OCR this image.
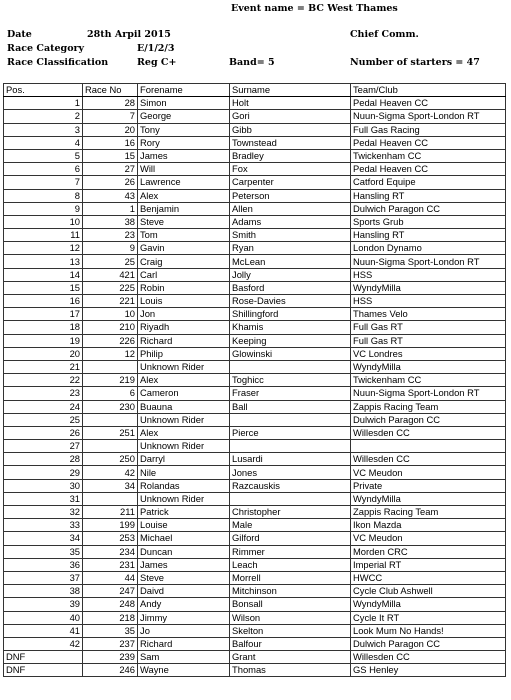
Event name = BC West Thames
Date	28th Arpil 2015	Chief Comm.
Race Category	E/1/2/3
Race Classification	Reg C+	Band= 5	Number of starters = 47
Pos.	Race No	Forename	Surname	Team/Club
1	28	Simon	Holt	Pedal Heaven CC
2	7	George	Gori	Nuun-Sigma Sport-London RT
3	20	Tony	Gibb	Full Gas Racing
4	16	Rory	Townstead	Pedal Heaven CC
5	15	James	Bradley	Twickenham CC
6	27	Will	Fox	Pedal Heaven CC
7	26	Lawrence	Carpenter	Catford Equipe
8	43	Alex	Peterson	Hansling RT
9	1	Benjamin	Allen	Dulwich Paragon CC
10	38	Steve	Adams	Sports Grub
11	23	Tom	Smith	Hansling RT
12	9	Gavin	Ryan	London Dynamo
13	25	Craig	McLean	Nuun-Sigma Sport-London RT
14	421	Carl	Jolly	HSS
15	225	Robin	Basford	WyndyMilla
16	221	Louis	Rose-Davies	HSS
17	10	Jon	Shillingford	Thames Velo
18	210	Riyadh	Khamis	Full Gas RT
19	226	Richard	Keeping	Full Gas RT
20	12	Philip	Glowinski	VC Londres
21		Unknown Rider		WyndyMilla
22	219	Alex	Toghicc	Twickenham CC
23	6	Cameron	Fraser	Nuun-Sigma Sport-London RT
24	230	Buauna	Ball	Zappis Racing Team
25		Unknown Rider		Dulwich Paragon CC
26	251	Alex	Pierce	Willesden CC
27		Unknown Rider		
28	250	Darryl	Lusardi	Willesden CC
29	42	Nile	Jones	VC Meudon
30	34	Rolandas	Razcauskis	Private
31		Unknown Rider		WyndyMilla
32	211	Patrick	Christopher	Zappis Racing Team
33	199	Louise	Male	Ikon Mazda
34	253	Michael	Gilford	VC Meudon
35	234	Duncan	Rimmer	Morden CRC
36	231	James	Leach	Imperial RT
37	44	Steve	Morrell	HWCC
38	247	Daivd	Mitchinson	Cycle Club Ashwell
39	248	Andy	Bonsall	WyndyMilla
40	218	Jimmy	Wilson	Cycle It RT
41	35	Jo	Skelton	Look Mum No Hands!
42	237	Richard	Balfour	Dulwich Paragon CC
DNF	239	Sam	Grant	Willesden CC
DNF	246	Wayne	Thomas	GS Henley
